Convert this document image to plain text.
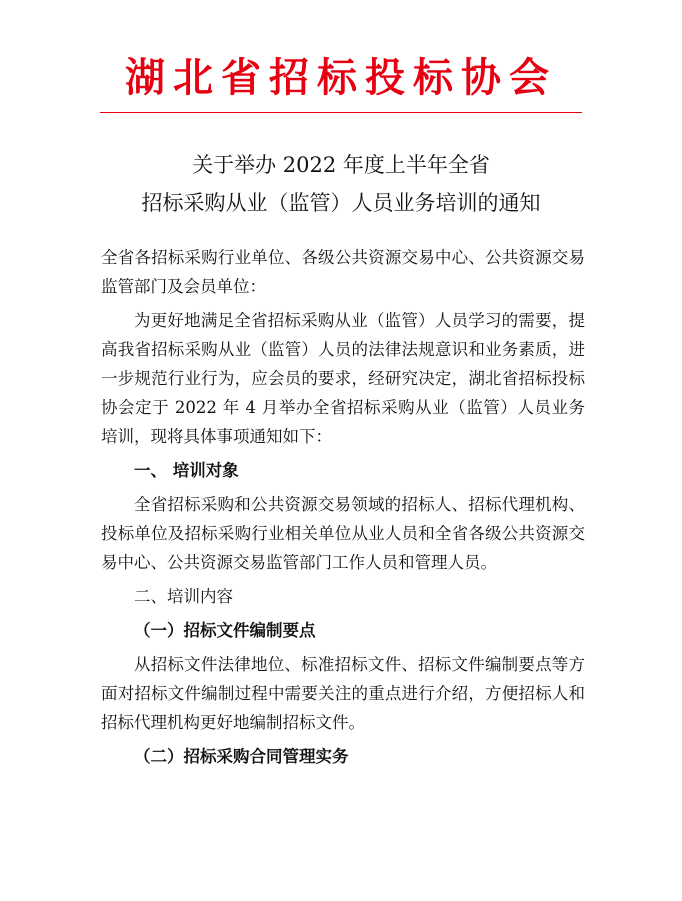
湖北省招标投标协会
关于举办 2022 年度上半年全省
招标采购从业（监管）人员业务培训的通知

全省各招标采购行业单位、各级公共资源交易中心、公共资源交易监管部门及会员单位：

为更好地满足全省招标采购从业（监管）人员学习的需要，提高我省招标采购从业（监管）人员的法律法规意识和业务素质，进一步规范行业行为，应会员的要求，经研究决定，湖北省招标投标协会定于 2022 年 4 月举办全省招标采购从业（监管）人员业务培训，现将具体事项通知如下：

一、 培训对象

全省招标采购和公共资源交易领域的招标人、招标代理机构、投标单位及招标采购行业相关单位从业人员和全省各级公共资源交易中心、公共资源交易监管部门工作人员和管理人员。

二、培训内容

（一）招标文件编制要点

从招标文件法律地位、标准招标文件、招标文件编制要点等方面对招标文件编制过程中需要关注的重点进行介绍，方便招标人和招标代理机构更好地编制招标文件。

（二）招标采购合同管理实务
